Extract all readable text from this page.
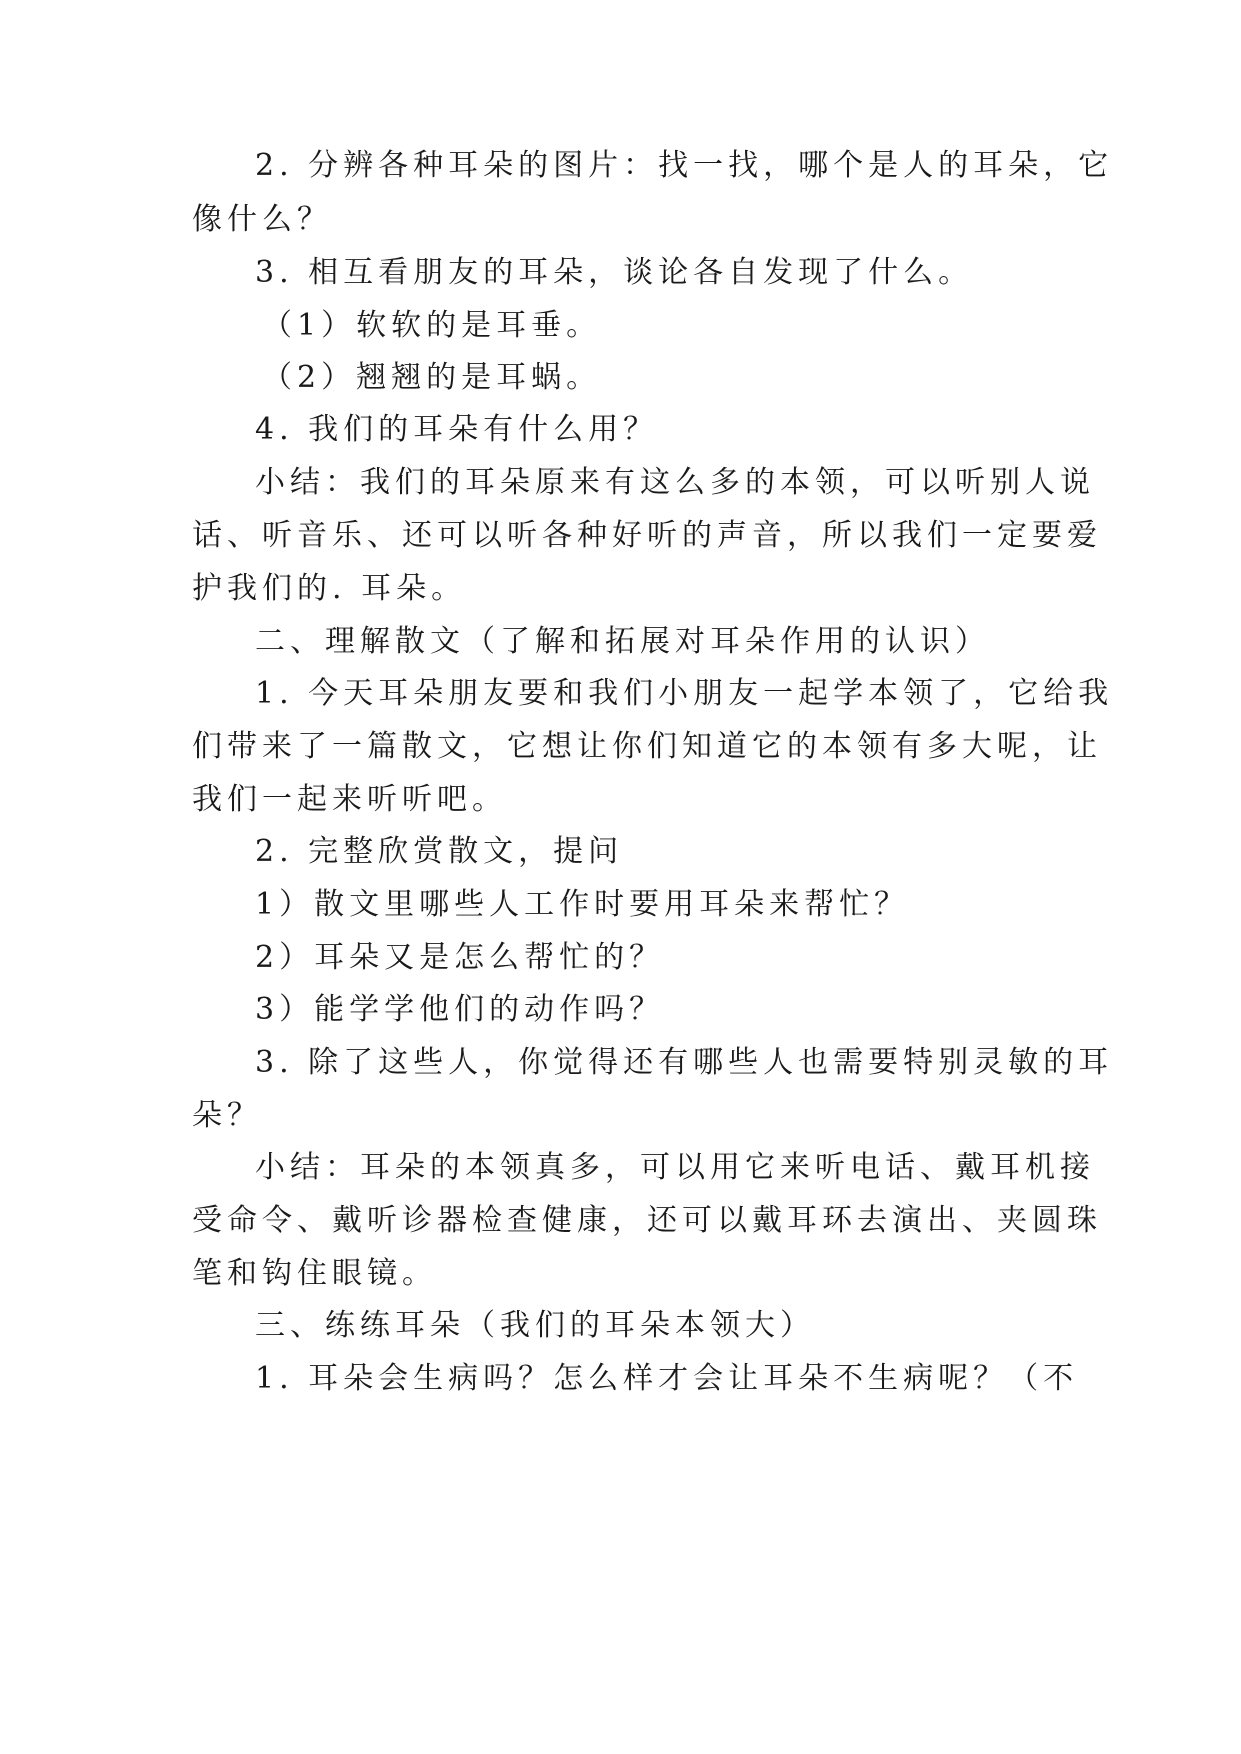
2. 分辨各种耳朵的图片：找一找，哪个是人的耳朵，它
像什么？
3. 相互看朋友的耳朵，谈论各自发现了什么。
（1）软软的是耳垂。
（2）翘翘的是耳蜗。
4. 我们的耳朵有什么用？
小结：我们的耳朵原来有这么多的本领，可以听别人说
话、听音乐、还可以听各种好听的声音，所以我们一定要爱
护我们的. 耳朵。
二、理解散文（了解和拓展对耳朵作用的认识）
1. 今天耳朵朋友要和我们小朋友一起学本领了，它给我
们带来了一篇散文，它想让你们知道它的本领有多大呢，让
我们一起来听听吧。
2. 完整欣赏散文，提问
1）散文里哪些人工作时要用耳朵来帮忙？
2）耳朵又是怎么帮忙的？
3）能学学他们的动作吗？
3. 除了这些人，你觉得还有哪些人也需要特别灵敏的耳
朵？
小结：耳朵的本领真多，可以用它来听电话、戴耳机接
受命令、戴听诊器检查健康，还可以戴耳环去演出、夹圆珠
笔和钩住眼镜。
三、练练耳朵（我们的耳朵本领大）
1. 耳朵会生病吗？怎么样才会让耳朵不生病呢？（不
